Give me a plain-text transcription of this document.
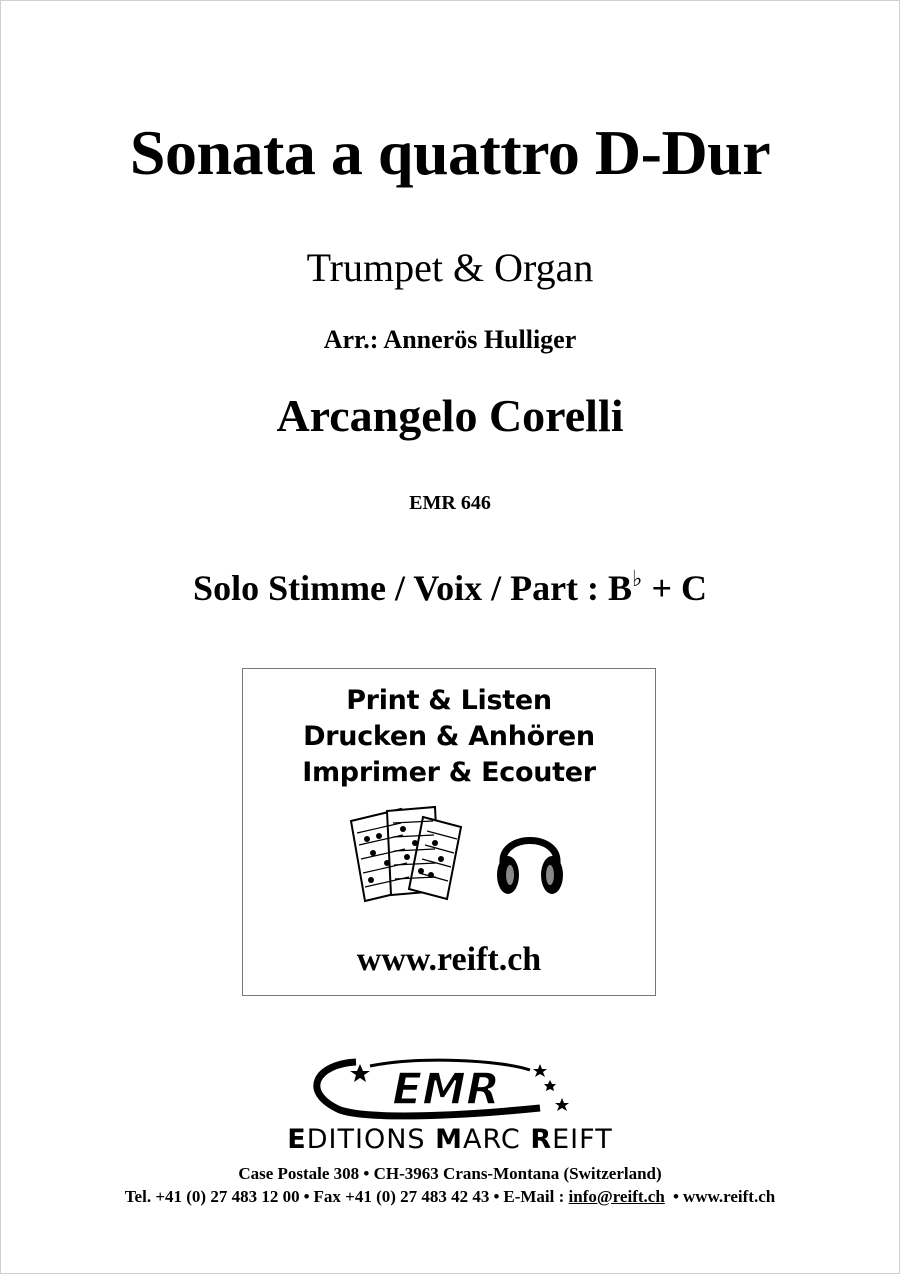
Sonata a quattro D-Dur
Trumpet & Organ
Arr.: Annerös Hulliger
Arcangelo Corelli
EMR 646
Solo Stimme / Voix / Part : B♭ + C
Print & Listen
Drucken & Anhören
Imprimer & Ecouter
www.reift.ch
EMR
EDITIONS MARC REIFT
Case Postale 308 • CH-3963 Crans-Montana (Switzerland)
Tel. +41 (0) 27 483 12 00 • Fax +41 (0) 27 483 42 43 • E-Mail : info@reift.ch • www.reift.ch
